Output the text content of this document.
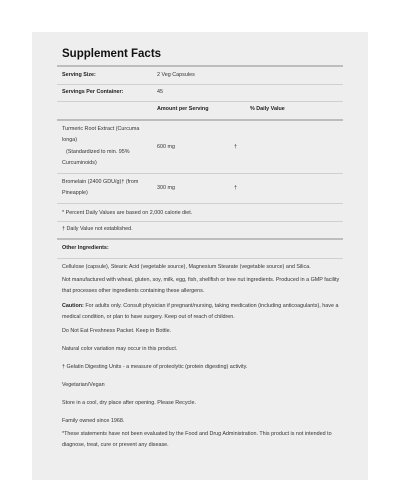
Supplement Facts
Serving Size:	2 Veg Capsules
Servings Per Container:	45
Amount per Serving	% Daily Value
Turmeric Root Extract (Curcuma
longa)
(Standardized to min. 95%
Curcuminoids)
600 mg	†
Bromelain (2400 GDU/g)† (from
Pineapple)
300 mg	†
* Percent Daily Values are based on 2,000 calorie diet.
† Daily Value not established.
Other Ingredients:
Cellulose (capsule), Stearic Acid (vegetable source), Magnesium Stearate (vegetable source) and Silica.
Not manufactured with wheat, gluten, soy, milk, egg, fish, shellfish or tree nut ingredients. Produced in a GMP facility that processes other ingredients containing these allergens.
Caution: For adults only. Consult physician if pregnant/nursing, taking medication (including anticoagulants), have a medical condition, or plan to have surgery. Keep out of reach of children.
Do Not Eat Freshness Packet. Keep in Bottle.
Natural color variation may occur in this product.
† Gelatin Digesting Units - a measure of proteolytic (protein digesting) activity.
Vegetarian/Vegan
Store in a cool, dry place after opening. Please Recycle.
Family owned since 1968.
*These statements have not been evaluated by the Food and Drug Administration. This product is not intended to diagnose, treat, cure or prevent any disease.
